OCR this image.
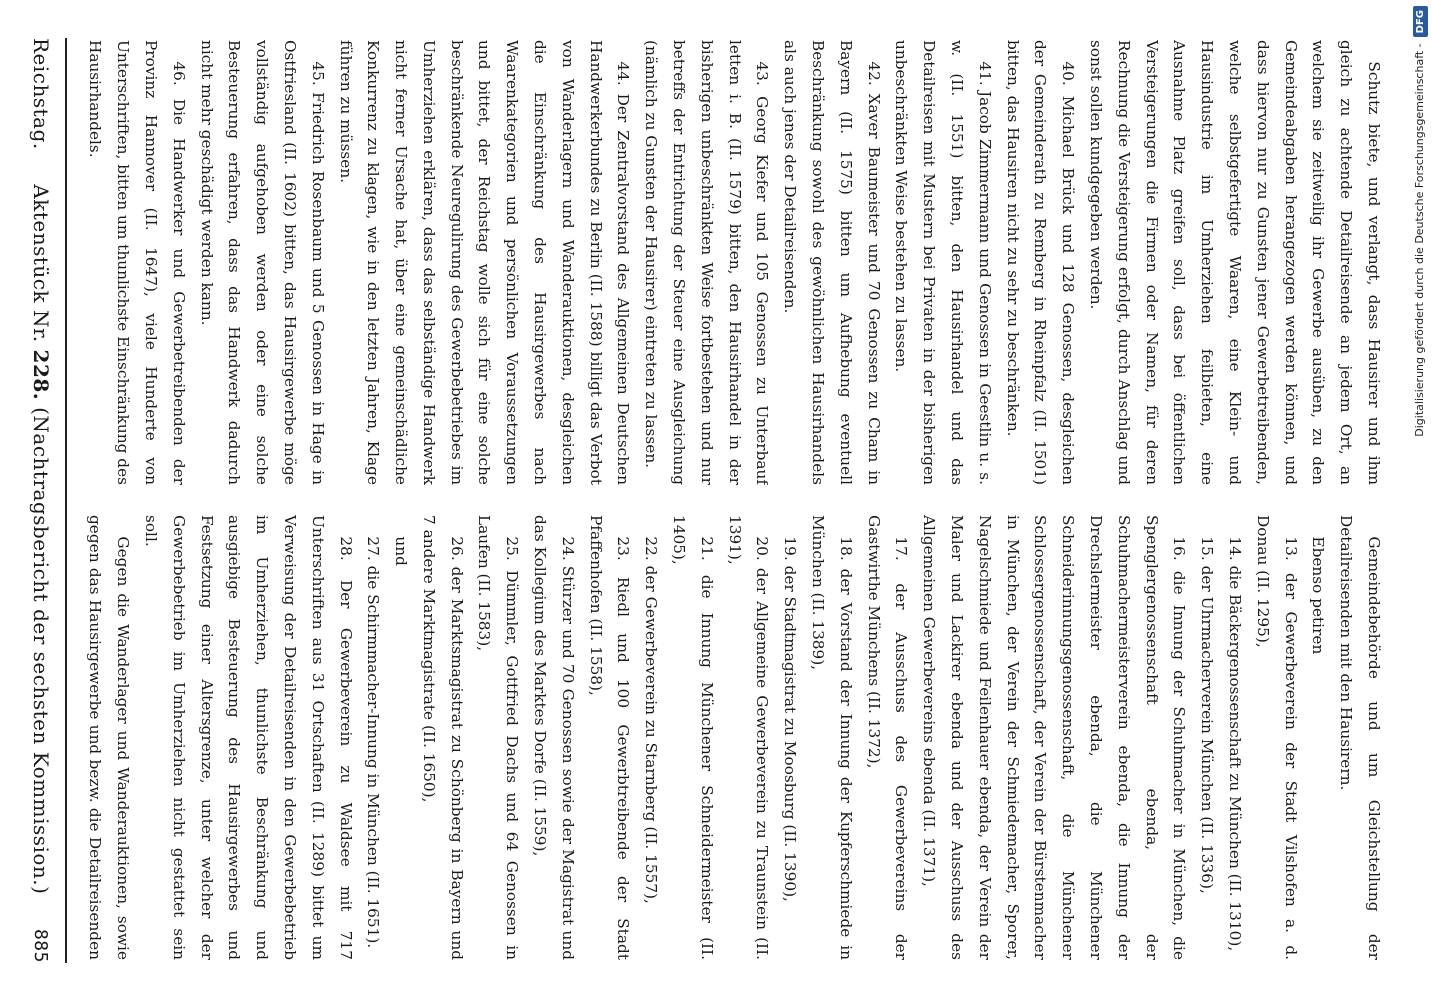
Reichstag.
Aktenstück Nr. 228. (Nachtragsbericht der sechsten Kommission.)
885	Gemeindebehörde und um Gleichstellung der Detailreisenden mit den Hausirern.

Ebenso petiren

13. der Gewerbeverein der Stadt Vilshofen a. d. Donau (II. 1295),

14. die Bäckergenossenschaft zu München (II. 1310),

15. der Uhrmacherverein München (II. 1336),

16. die Innung der Schuhmacher in München, die Spenglergenossenschaft ebenda, der Schuhmachermeisterverein ebenda, die Innung der Drechslermeister ebenda, die Münchener Schneiderinnungsgenossenschaft, die Münchener Schlossergenossenschaft, der Verein der Bürstenmacher in München, der Verein der Schmiedemacher, Sporer, Nagelschmiede und Feilenhauer ebenda, der Verein der Maler und Lackirer ebenda und der Ausschuss des Allgemeinen Gewerbevereins ebenda (II. 1371),

17. der Ausschuss des Gewerbevereins der Gastwirthe Münchens (II. 1372),

18. der Vorstand der Innung der Kupferschmiede in München (II. 1389),

19. der Stadtmagistrat zu Moosburg (II. 1390),

20. der Allgemeine Gewerbeverein zu Traunstein (II. 1391),

21. die Innung Münchener Schneidermeister (II. 1405),

22. der Gewerbeverein zu Starnberg (II. 1557),

23. Riedl und 100 Gewerbtreibende der Stadt Pfaffenhofen (II. 1558),

24. Stürzer und 70 Genossen sowie der Magistrat und das Kollegium des Marktes Dorfe (II. 1559),

25. Dümmler, Gottfried Dachs und 64 Genossen in Laufen (II. 1583),

26. der Marktsmagistrat zu Schönberg in Bayern und 7 andere Marktmagistrate (II. 1650),

und

27. die Schirmmacher-Innung in München (II. 1651).

28. Der Gewerbeverein zu Waldsee mit 717 Unterschriften aus 31 Ortschaften (II. 1289) bittet um Verweisung der Detailreisenden in den Gewerbebetrieb im Umherziehen, thunlichste Beschränkung und ausgiebige Besteuerung des Hausirgewerbes und Festsetzung einer Altersgrenze, unter welcher der Gewerbebetrieb im Umherziehen nicht gestattet sein soll.

Gegen die Wanderlager und Wanderauktionen, sowie gegen das Hausirgewerbe und bezw. die Detailreisenden

Schutz biete, und verlangt, dass Hausirer und ihm gleich zu achtende Detailreisende an jedem Ort, an welchem sie zeitweilig ihr Gewerbe ausüben, zu den Gemeindeabgaben herangezogen werden können, und dass hiervon nur zu Gunsten jener Gewerbetreibenden, welche selbstgefertigte Waaren, eine Klein- und Hausindustrie im Umherziehen feilbieten, eine Ausnahme Platz greifen soll, dass bei öffentlichen Versteigerungen die Firmen oder Namen, für deren Rechnung die Versteigerung erfolgt, durch Anschlag und sonst sollen kundgegeben werden.

40. Michael Brück und 128 Genossen, desgleichen der Gemeinderath zu Remberg in Rheinpfalz (II. 1501) bitten, das Hausiren nicht zu sehr zu beschränken.

41. Jacob Zimmermann und Genossen in Geestlin u. s. w. (II. 1551) bitten, den Hausirhandel und das Detailreisen mit Mustern bei Privaten in der bisherigen unbeschränkten Weise bestehen zu lassen.

42. Xaver Baumeister und 70 Genossen zu Cham in Bayern (II. 1575) bitten um Aufhebung eventuell Beschränkung sowohl des gewöhnlichen Hausirhandels als auch jenes der Detailreisenden.

43. Georg Kiefer und 105 Genossen zu Unterbauf letten i. B. (II. 1579) bitten, den Hausirhandel in der bisherigen unbeschränkten Weise fortbestehen und nur betreffs der Entrichtung der Steuer eine Ausgleichung (nämlich zu Gunsten der Hausirer) eintreten zu lassen.

44. Der Zentralvorstand des Allgemeinen Deutschen Handwerkerbundes zu Berlin (II. 1588) billigt das Verbot von Wanderlagern und Wanderauktionen, desgleichen die Einschränkung des Hausirgewerbes nach Waarenkategorien und persönlichen Voraussetzungen und bittet, der Reichstag wolle sich für eine solche beschränkende Neuregulirung des Gewerbebetriebes im Umherziehen erklären, dass das selbständige Handwerk nicht ferner Ursache hat, über eine gemeinschädliche Konkurrenz zu klagen, wie in den letzten Jahren, Klage führen zu müssen.

45. Friedrich Rosenbaum und 5 Genossen in Hage in Ostfriesland (II. 1602) bitten, das Hausirgewerbe möge vollständig aufgehoben werden oder eine solche Besteuerung erfahren, dass das Handwerk dadurch nicht mehr geschädigt werden kann.

46. Die Handwerker und Gewerbetreibenden der Provinz Hannover (II. 1647), viele Hunderte von Unterschriften, bitten um thunlichste Einschränkung des Hausirhandels.	Digitalisierung gefördert durch die Deutsche Forschungsgemeinschaft -
DFG
